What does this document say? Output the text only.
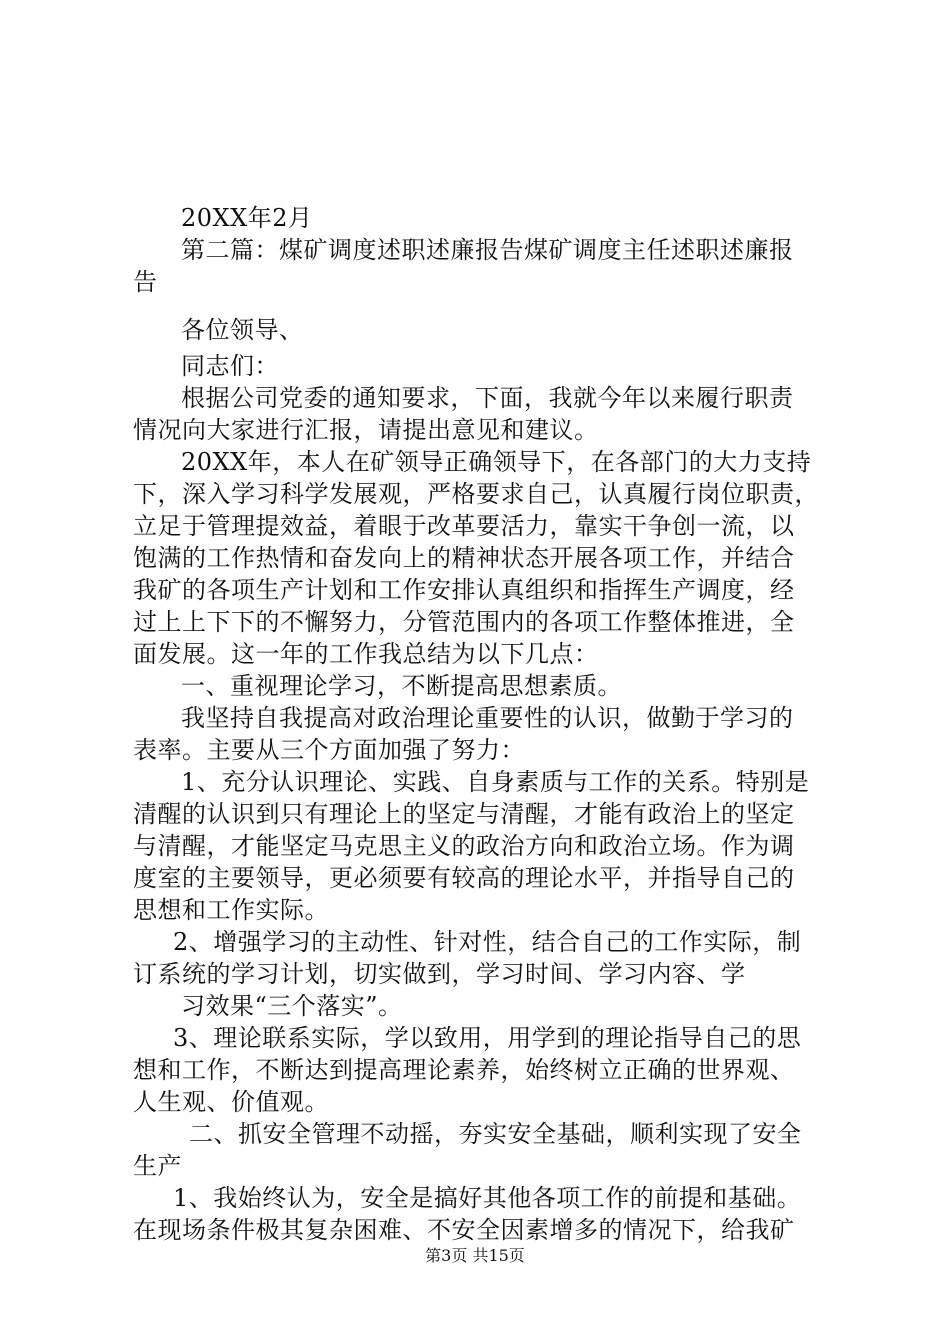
20XX年2月
第二篇：煤矿调度述职述廉报告煤矿调度主任述职述廉报
告
各位领导、
同志们：
根据公司党委的通知要求，下面，我就今年以来履行职责
情况向大家进行汇报，请提出意见和建议。
20XX年，本人在矿领导正确领导下，在各部门的大力支持
下，深入学习科学发展观，严格要求自己，认真履行岗位职责，
立足于管理提效益，着眼于改革要活力，靠实干争创一流，以
饱满的工作热情和奋发向上的精神状态开展各项工作，并结合
我矿的各项生产计划和工作安排认真组织和指挥生产调度，经
过上上下下的不懈努力，分管范围内的各项工作整体推进，全
面发展。这一年的工作我总结为以下几点：
一、重视理论学习，不断提高思想素质。
我坚持自我提高对政治理论重要性的认识，做勤于学习的
表率。主要从三个方面加强了努力：
1、充分认识理论、实践、自身素质与工作的关系。特别是
清醒的认识到只有理论上的坚定与清醒，才能有政治上的坚定
与清醒，才能坚定马克思主义的政治方向和政治立场。作为调
度室的主要领导，更必须要有较高的理论水平，并指导自己的
思想和工作实际。
2、增强学习的主动性、针对性，结合自己的工作实际，制
订系统的学习计划，切实做到，学习时间、学习内容、学
习效果“三个落实”。
3、理论联系实际，学以致用，用学到的理论指导自己的思
想和工作，不断达到提高理论素养，始终树立正确的世界观、
人生观、价值观。
二、抓安全管理不动摇，夯实安全基础，顺利实现了安全
生产
1、我始终认为，安全是搞好其他各项工作的前提和基础。
在现场条件极其复杂困难、不安全因素增多的情况下，给我矿
第3页 共15页
